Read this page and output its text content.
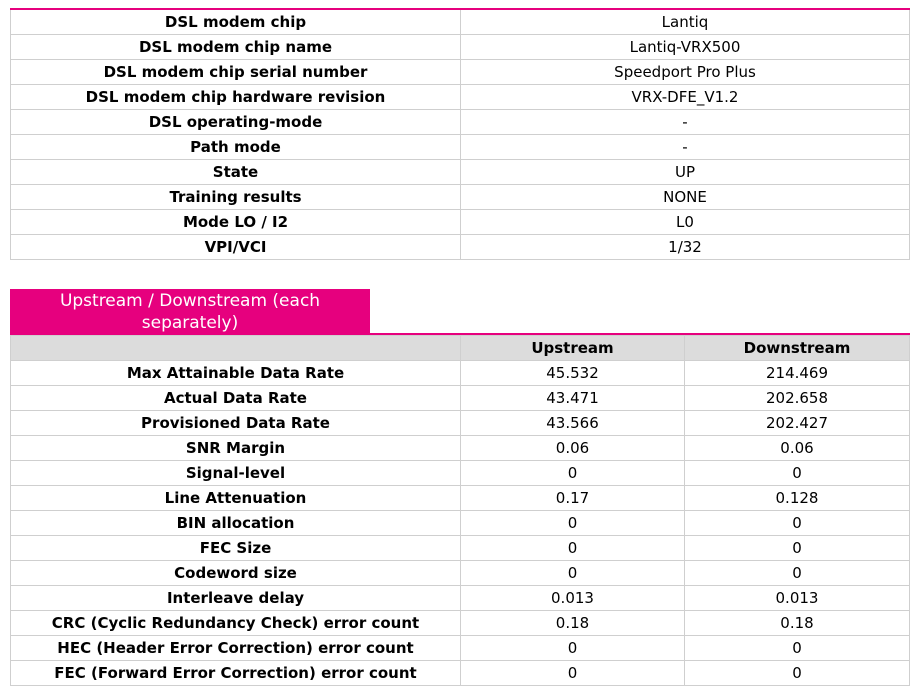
DSL modem chip	Lantiq
DSL modem chip name	Lantiq-VRX500
DSL modem chip serial number	Speedport Pro Plus
DSL modem chip hardware revision	VRX-DFE_V1.2
DSL operating-mode	-
Path mode	-
State	UP
Training results	NONE
Mode LO / I2	L0
VPI/VCI	1/32
Upstream / Downstream (each separately)
	Upstream	Downstream
Max Attainable Data Rate	45.532	214.469
Actual Data Rate	43.471	202.658
Provisioned Data Rate	43.566	202.427
SNR Margin	0.06	0.06
Signal-level	0	0
Line Attenuation	0.17	0.128
BIN allocation	0	0
FEC Size	0	0
Codeword size	0	0
Interleave delay	0.013	0.013
CRC (Cyclic Redundancy Check) error count	0.18	0.18
HEC (Header Error Correction) error count	0	0
FEC (Forward Error Correction) error count	0	0
